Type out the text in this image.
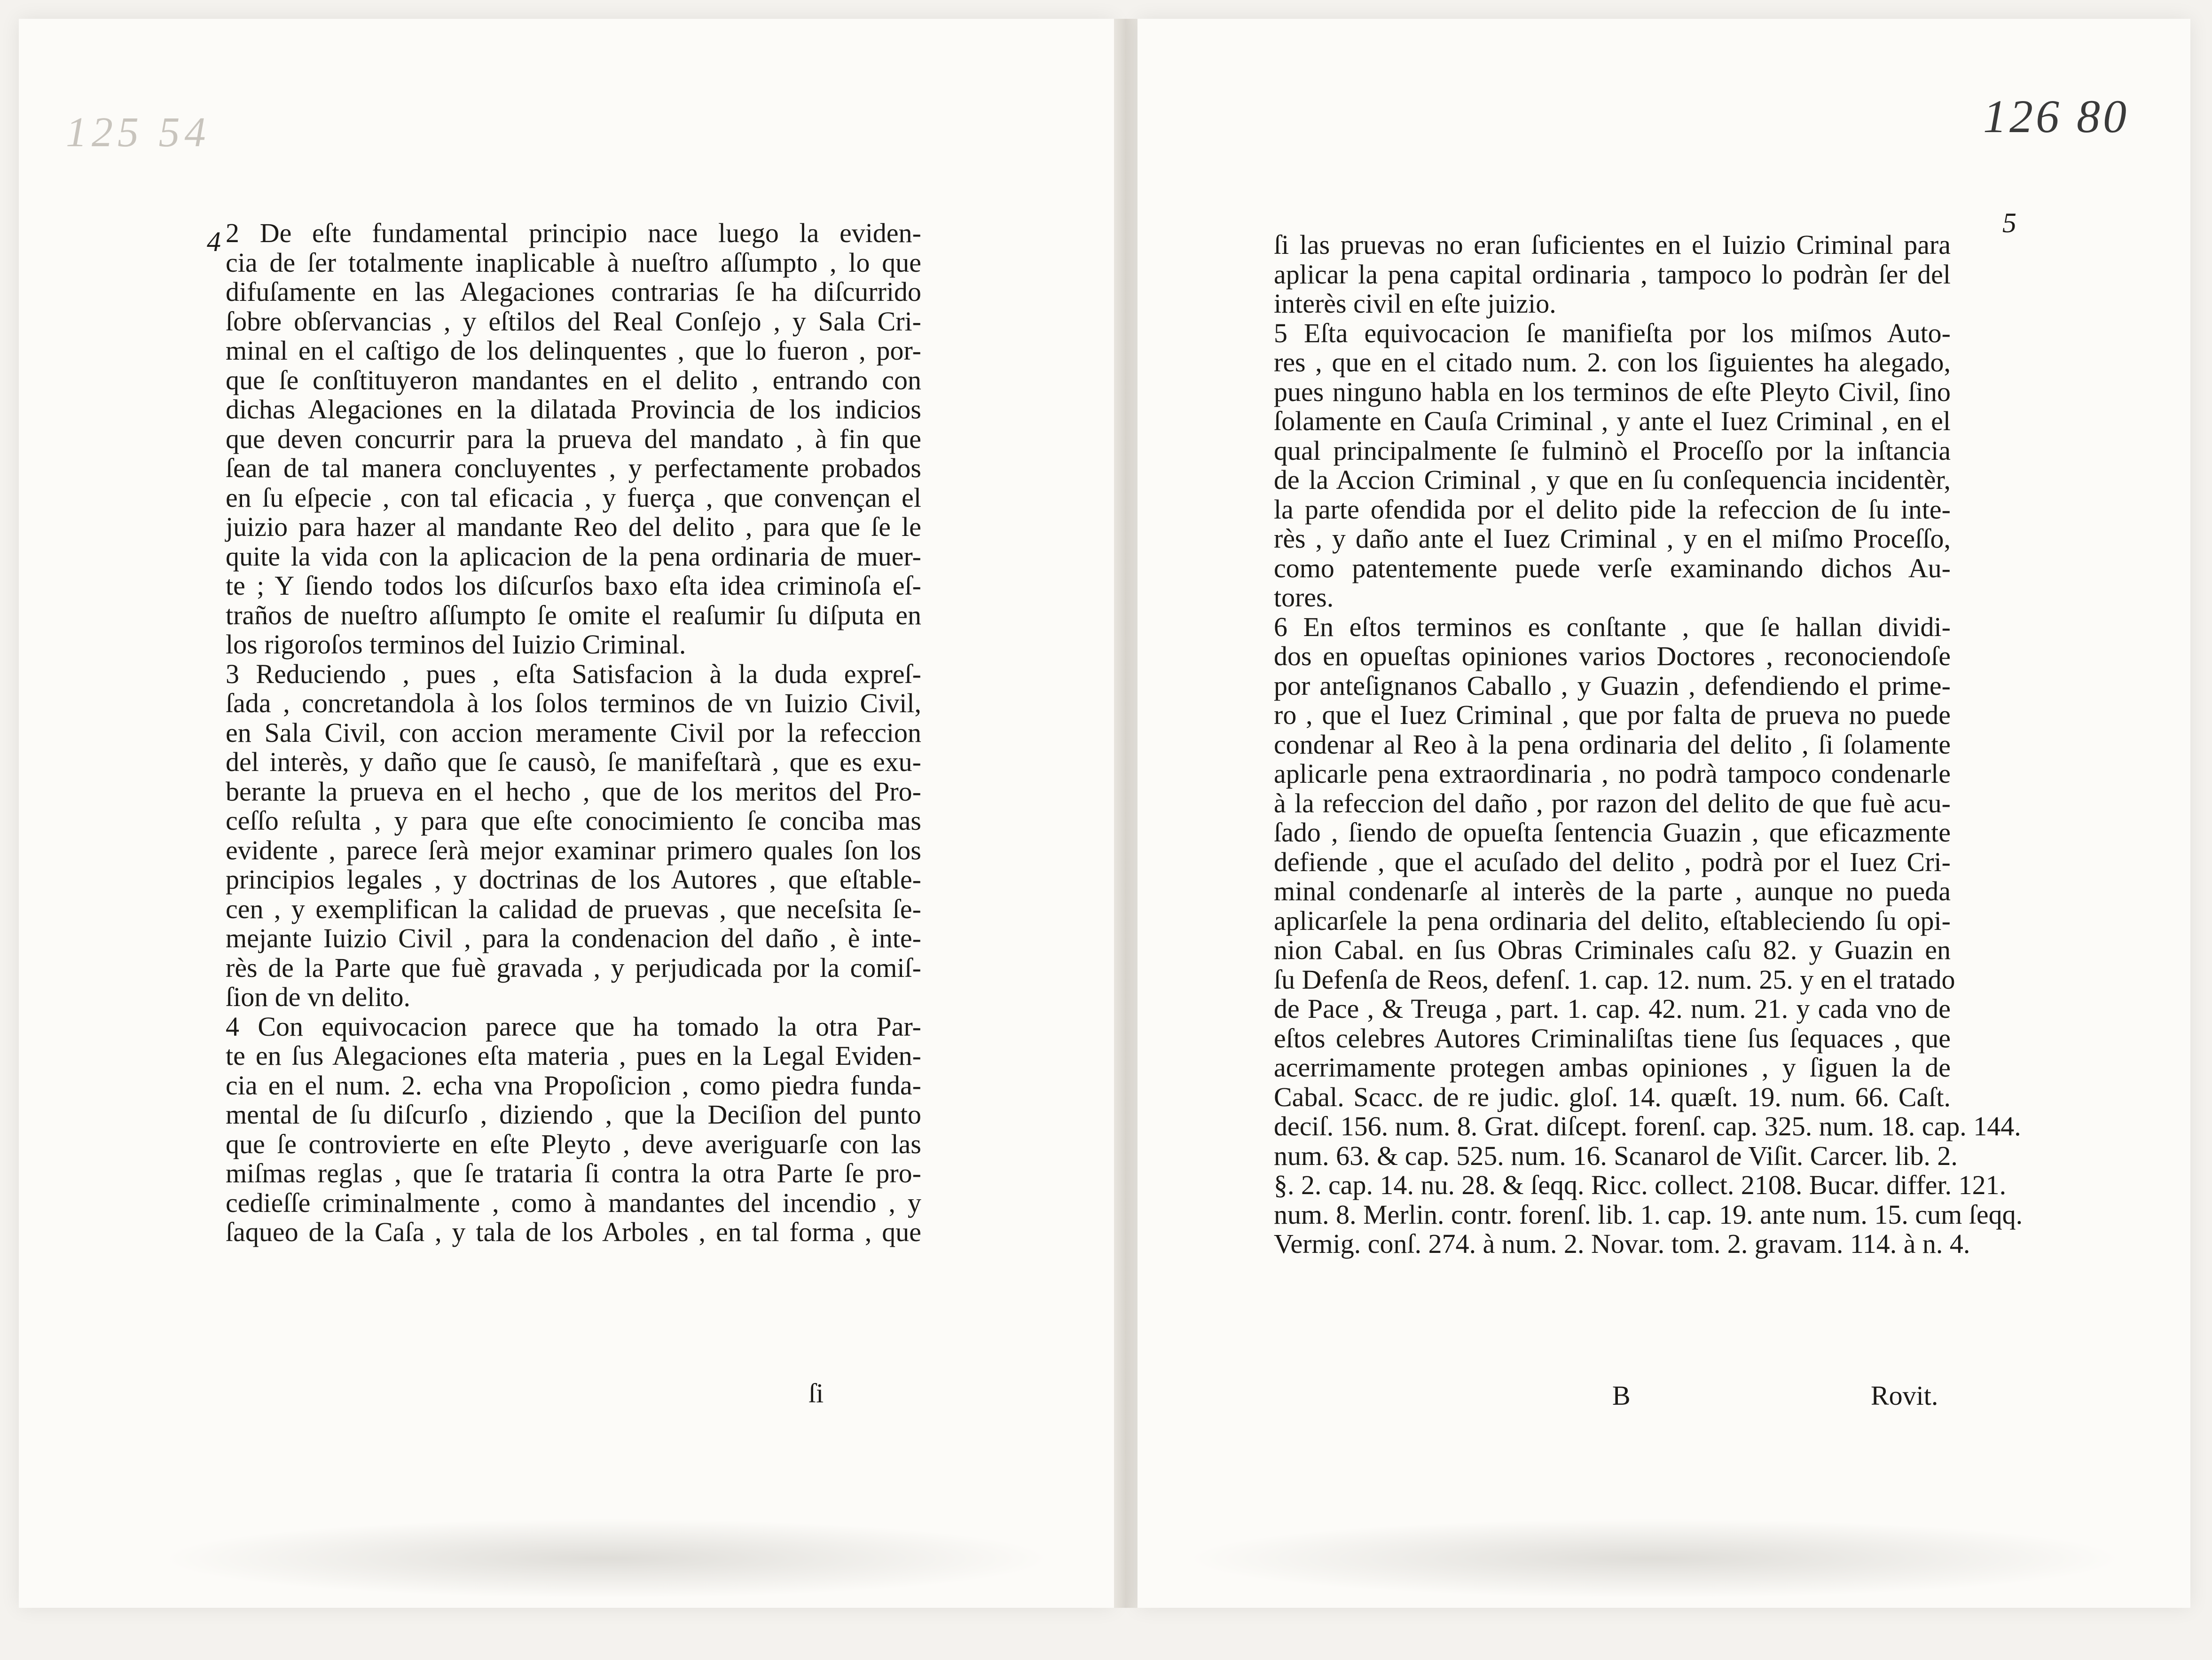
125 54
4 2 De eſte fundamental principio nace luego la eviden-
cia de ſer totalmente inaplicable à nueſtro aſſumpto , lo que
difuſamente en las Alegaciones contrarias ſe ha diſcurrido
ſobre obſervancias , y eſtilos del Real Conſejo , y Sala Cri-
minal en el caſtigo de los delinquentes , que lo fueron , por-
que ſe conſtituyeron mandantes en el delito , entrando con
dichas Alegaciones en la dilatada Provincia de los indicios
que deven concurrir para la prueva del mandato , à fin que
ſean de tal manera concluyentes , y perfectamente probados
en ſu eſpecie , con tal eficacia , y fuerça , que convençan el
juizio para hazer al mandante Reo del delito , para que ſe le
quite la vida con la aplicacion de la pena ordinaria de muer-
te ; Y ſiendo todos los diſcurſos baxo eſta idea criminoſa eſ-
traños de nueſtro aſſumpto ſe omite el reaſumir ſu diſputa en
los rigoroſos terminos del Iuizio Criminal.
3 Reduciendo , pues , eſta Satisfacion à la duda expreſ-
ſada , concretandola à los ſolos terminos de vn Iuizio Civil,
en Sala Civil, con accion meramente Civil por la refeccion
del interès, y daño que ſe causò, ſe manifeſtarà , que es exu-
berante la prueva en el hecho , que de los meritos del Pro-
ceſſo reſulta , y para que eſte conocimiento ſe conciba mas
evidente , parece ſerà mejor examinar primero quales ſon los
principios legales , y doctrinas de los Autores , que eſtable-
cen , y exemplifican la calidad de pruevas , que neceſsita ſe-
mejante Iuizio Civil , para la condenacion del daño , è inte-
rès de la Parte que fuè gravada , y perjudicada por la comiſ-
ſion de vn delito.
4 Con equivocacion parece que ha tomado la otra Par-
te en ſus Alegaciones eſta materia , pues en la Legal Eviden-
cia en el num. 2. echa vna Propoſicion , como piedra funda-
mental de ſu diſcurſo , diziendo , que la Deciſion del punto
que ſe controvierte en eſte Pleyto , deve averiguarſe con las
miſmas reglas , que ſe trataria ſi contra la otra Parte ſe pro-
cedieſſe criminalmente , como à mandantes del incendio , y
ſaqueo de la Caſa , y tala de los Arboles , en tal forma , que
ſi
126 80
5
ſi las pruevas no eran ſuficientes en el Iuizio Criminal para
aplicar la pena capital ordinaria , tampoco lo podràn ſer del
interès civil en eſte juizio.
5 Eſta equivocacion ſe manifieſta por los miſmos Auto-
res , que en el citado num. 2. con los ſiguientes ha alegado,
pues ninguno habla en los terminos de eſte Pleyto Civil, ſino
ſolamente en Cauſa Criminal , y ante el Iuez Criminal , en el
qual principalmente ſe fulminò el Proceſſo por la inſtancia
de la Accion Criminal , y que en ſu conſequencia incidentèr,
la parte ofendida por el delito pide la refeccion de ſu inte-
rès , y daño ante el Iuez Criminal , y en el miſmo Proceſſo,
como patentemente puede verſe examinando dichos Au-
tores.
6 En eſtos terminos es conſtante , que ſe hallan dividi-
dos en opueſtas opiniones varios Doctores , reconociendoſe
por anteſignanos Caballo , y Guazin , defendiendo el prime-
ro , que el Iuez Criminal , que por falta de prueva no puede
condenar al Reo à la pena ordinaria del delito , ſi ſolamente
aplicarle pena extraordinaria , no podrà tampoco condenarle
à la refeccion del daño , por razon del delito de que fuè acu-
ſado , ſiendo de opueſta ſentencia Guazin , que eficazmente
defiende , que el acuſado del delito , podrà por el Iuez Cri-
minal condenarſe al interès de la parte , aunque no pueda
aplicarſele la pena ordinaria del delito, eſtableciendo ſu opi-
nion Cabal. en ſus Obras Criminales caſu 82. y Guazin en
ſu Defenſa de Reos, defenſ. 1. cap. 12. num. 25. y en el tratado
de Pace , & Treuga , part. 1. cap. 42. num. 21. y cada vno de
eſtos celebres Autores Criminaliſtas tiene ſus ſequaces , que
acerrimamente protegen ambas opiniones , y ſiguen la de
Cabal. Scacc. de re judic. gloſ. 14. quæſt. 19. num. 66. Caſt.
deciſ. 156. num. 8. Grat. diſcept. forenſ. cap. 325. num. 18. cap. 144.
num. 63. & cap. 525. num. 16. Scanarol de Viſit. Carcer. lib. 2.
§. 2. cap. 14. nu. 28. & ſeqq. Ricc. collect. 2108. Bucar. differ. 121.
num. 8. Merlin. contr. forenſ. lib. 1. cap. 19. ante num. 15. cum ſeqq.
Vermig. conſ. 274. à num. 2. Novar. tom. 2. gravam. 114. à n. 4.
B	Rovit.
